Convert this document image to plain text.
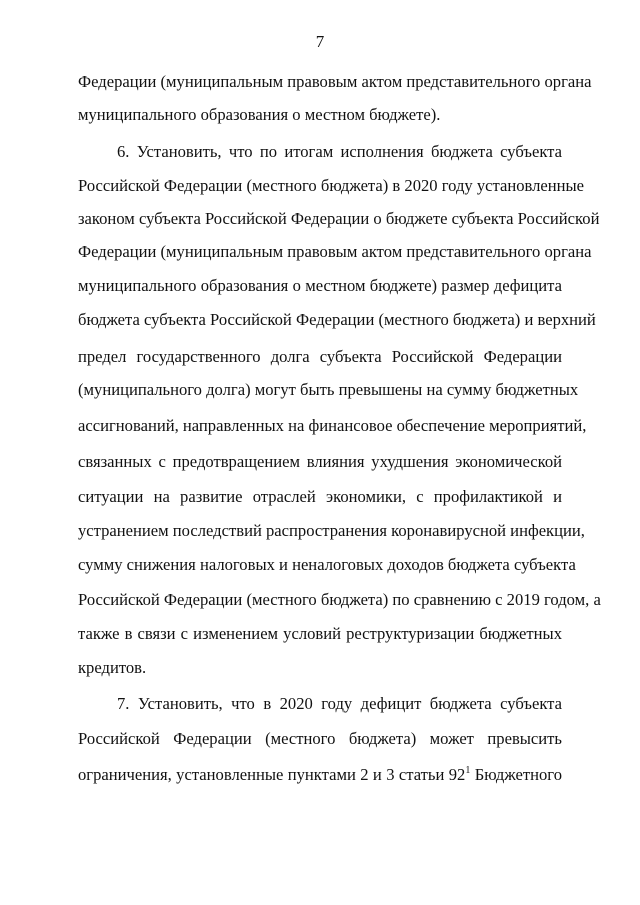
7
Федерации (муниципальным правовым актом представительного органа
муниципального образования о местном бюджете).
6. Установить, что по итогам исполнения бюджета субъекта
Российской Федерации (местного бюджета) в 2020 году установленные
законом субъекта Российской Федерации о бюджете субъекта Российской
Федерации (муниципальным правовым актом представительного органа
муниципального образования о местном бюджете) размер дефицита
бюджета субъекта Российской Федерации (местного бюджета) и верхний
предел государственного долга субъекта Российской Федерации
(муниципального долга) могут быть превышены на сумму бюджетных
ассигнований, направленных на финансовое обеспечение мероприятий,
связанных с предотвращением влияния ухудшения экономической
ситуации на развитие отраслей экономики, с профилактикой и
устранением последствий распространения коронавирусной инфекции,
сумму снижения налоговых и неналоговых доходов бюджета субъекта
Российской Федерации (местного бюджета) по сравнению с 2019 годом, а
также в связи с изменением условий реструктуризации бюджетных
кредитов.
7. Установить, что в 2020 году дефицит бюджета субъекта
Российской Федерации (местного бюджета) может превысить
ограничения, установленные пунктами 2 и 3 статьи $92^1$ Бюджетного
